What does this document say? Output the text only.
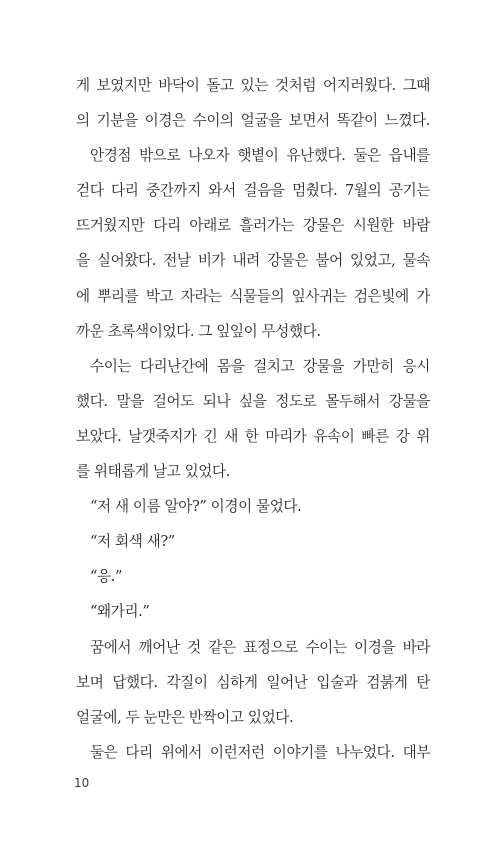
게 보였지만 바닥이 돌고 있는 것처럼 어지러웠다. 그때
의 기분을 이경은 수이의 얼굴을 보면서 똑같이 느꼈다.
안경점 밖으로 나오자 햇볕이 유난했다. 둘은 읍내를
걷다 다리 중간까지 와서 걸음을 멈췄다. 7월의 공기는
뜨거웠지만 다리 아래로 흘러가는 강물은 시원한 바람
을 실어왔다. 전날 비가 내려 강물은 불어 있었고, 물속
에 뿌리를 박고 자라는 식물들의 잎사귀는 검은빛에 가
까운 초록색이었다. 그 잎잎이 무성했다.
수이는 다리난간에 몸을 걸치고 강물을 가만히 응시
했다. 말을 걸어도 되나 싶을 정도로 몰두해서 강물을
보았다. 날갯죽지가 긴 새 한 마리가 유속이 빠른 강 위
를 위태롭게 날고 있었다.
“저 새 이름 알아?” 이경이 물었다.
“저 회색 새?”
“응.”
“왜가리.”
꿈에서 깨어난 것 같은 표정으로 수이는 이경을 바라
보며 답했다. 각질이 심하게 일어난 입술과 검붉게 탄
얼굴에, 두 눈만은 반짝이고 있었다.
둘은 다리 위에서 이런저런 이야기를 나누었다. 대부
10
